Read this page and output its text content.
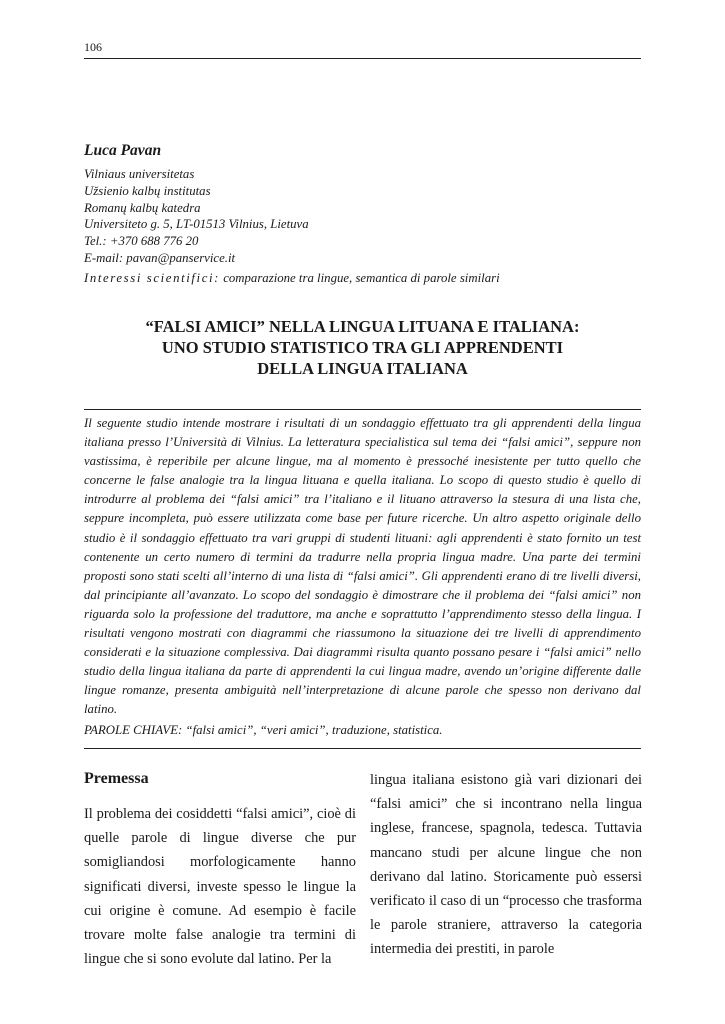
106

Luca Pavan

Vilniaus universitetas

Užsienio kalbų institutas

Romanų kalbų katedra

Universiteto g. 5, LT-01513 Vilnius, Lietuva

Tel.: +370 688 776 20

E-mail: pavan@panservice.it

Interessi scientifici: comparazione tra lingue, semantica di parole similari

“FALSI AMICI” NELLA LINGUA LITUANA E ITALIANA:
UNO STUDIO STATISTICO TRA GLI APPRENDENTI
DELLA LINGUA ITALIANA

Il seguente studio intende mostrare i risultati di un sondaggio effettuato tra gli apprendenti della lingua italiana presso l’Università di Vilnius. La letteratura specialistica sul tema dei “falsi amici”, seppure non vastissima, è reperibile per alcune lingue, ma al momento è pressoché inesistente per tutto quello che concerne le false analogie tra la lingua lituana e quella italiana. Lo scopo di questo studio è quello di introdurre al problema dei “falsi amici” tra l’italiano e il lituano attraverso la stesura di una lista che, seppure incompleta, può essere utilizzata come base per future ricerche. Un altro aspetto originale dello studio è il sondaggio effettuato tra vari gruppi di studenti lituani: agli apprendenti è stato fornito un test contenente un certo numero di termini da tradurre nella propria lingua madre. Una parte dei termini proposti sono stati scelti all’interno di una lista di “falsi amici”. Gli apprendenti erano di tre livelli diversi, dal principiante all’avanzato. Lo scopo del sondaggio è dimostrare che il problema dei “falsi amici” non riguarda solo la professione del traduttore, ma anche e soprattutto l’apprendimento stesso della lingua. I risultati vengono mostrati con diagrammi che riassumono la situazione dei tre livelli di apprendimento considerati e la situazione complessiva. Dai diagrammi risulta quanto possano pesare i “falsi amici” nello studio della lingua italiana da parte di apprendenti la cui lingua madre, avendo un’origine differente dalle lingue romanze, presenta ambiguità nell’interpretazione di alcune parole che spesso non derivano dal latino.

PAROLE CHIAVE: “falsi amici”, “veri amici”, traduzione, statistica.

Premessa

Il problema dei cosiddetti “falsi amici”, cioè di quelle parole di lingue diverse che pur somigliandosi morfologicamente hanno significati diversi, investe spesso le lingue la cui origine è comune. Ad esempio è facile trovare molte false analogie tra termini di lingue che si sono evolute dal latino. Per la

lingua italiana esistono già vari dizionari dei “falsi amici” che si incontrano nella lingua inglese, francese, spagnola, tedesca. Tuttavia mancano studi per alcune lingue che non derivano dal latino. Storicamente può essersi verificato il caso di un “processo che trasforma le parole straniere, attraverso la categoria intermedia dei prestiti, in parole
